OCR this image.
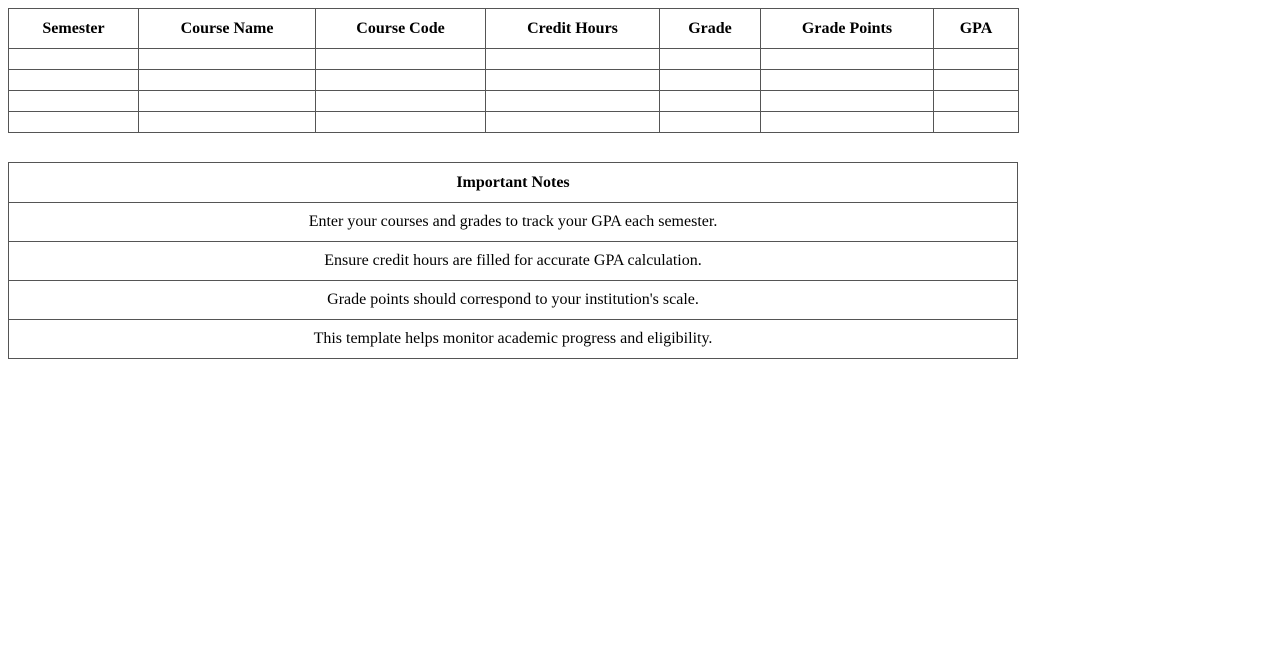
Semester	Course Name	Course Code	Credit Hours	Grade	Grade Points	GPA

Important Notes
Enter your courses and grades to track your GPA each semester.
Ensure credit hours are filled for accurate GPA calculation.
Grade points should correspond to your institution's scale.
This template helps monitor academic progress and eligibility.
